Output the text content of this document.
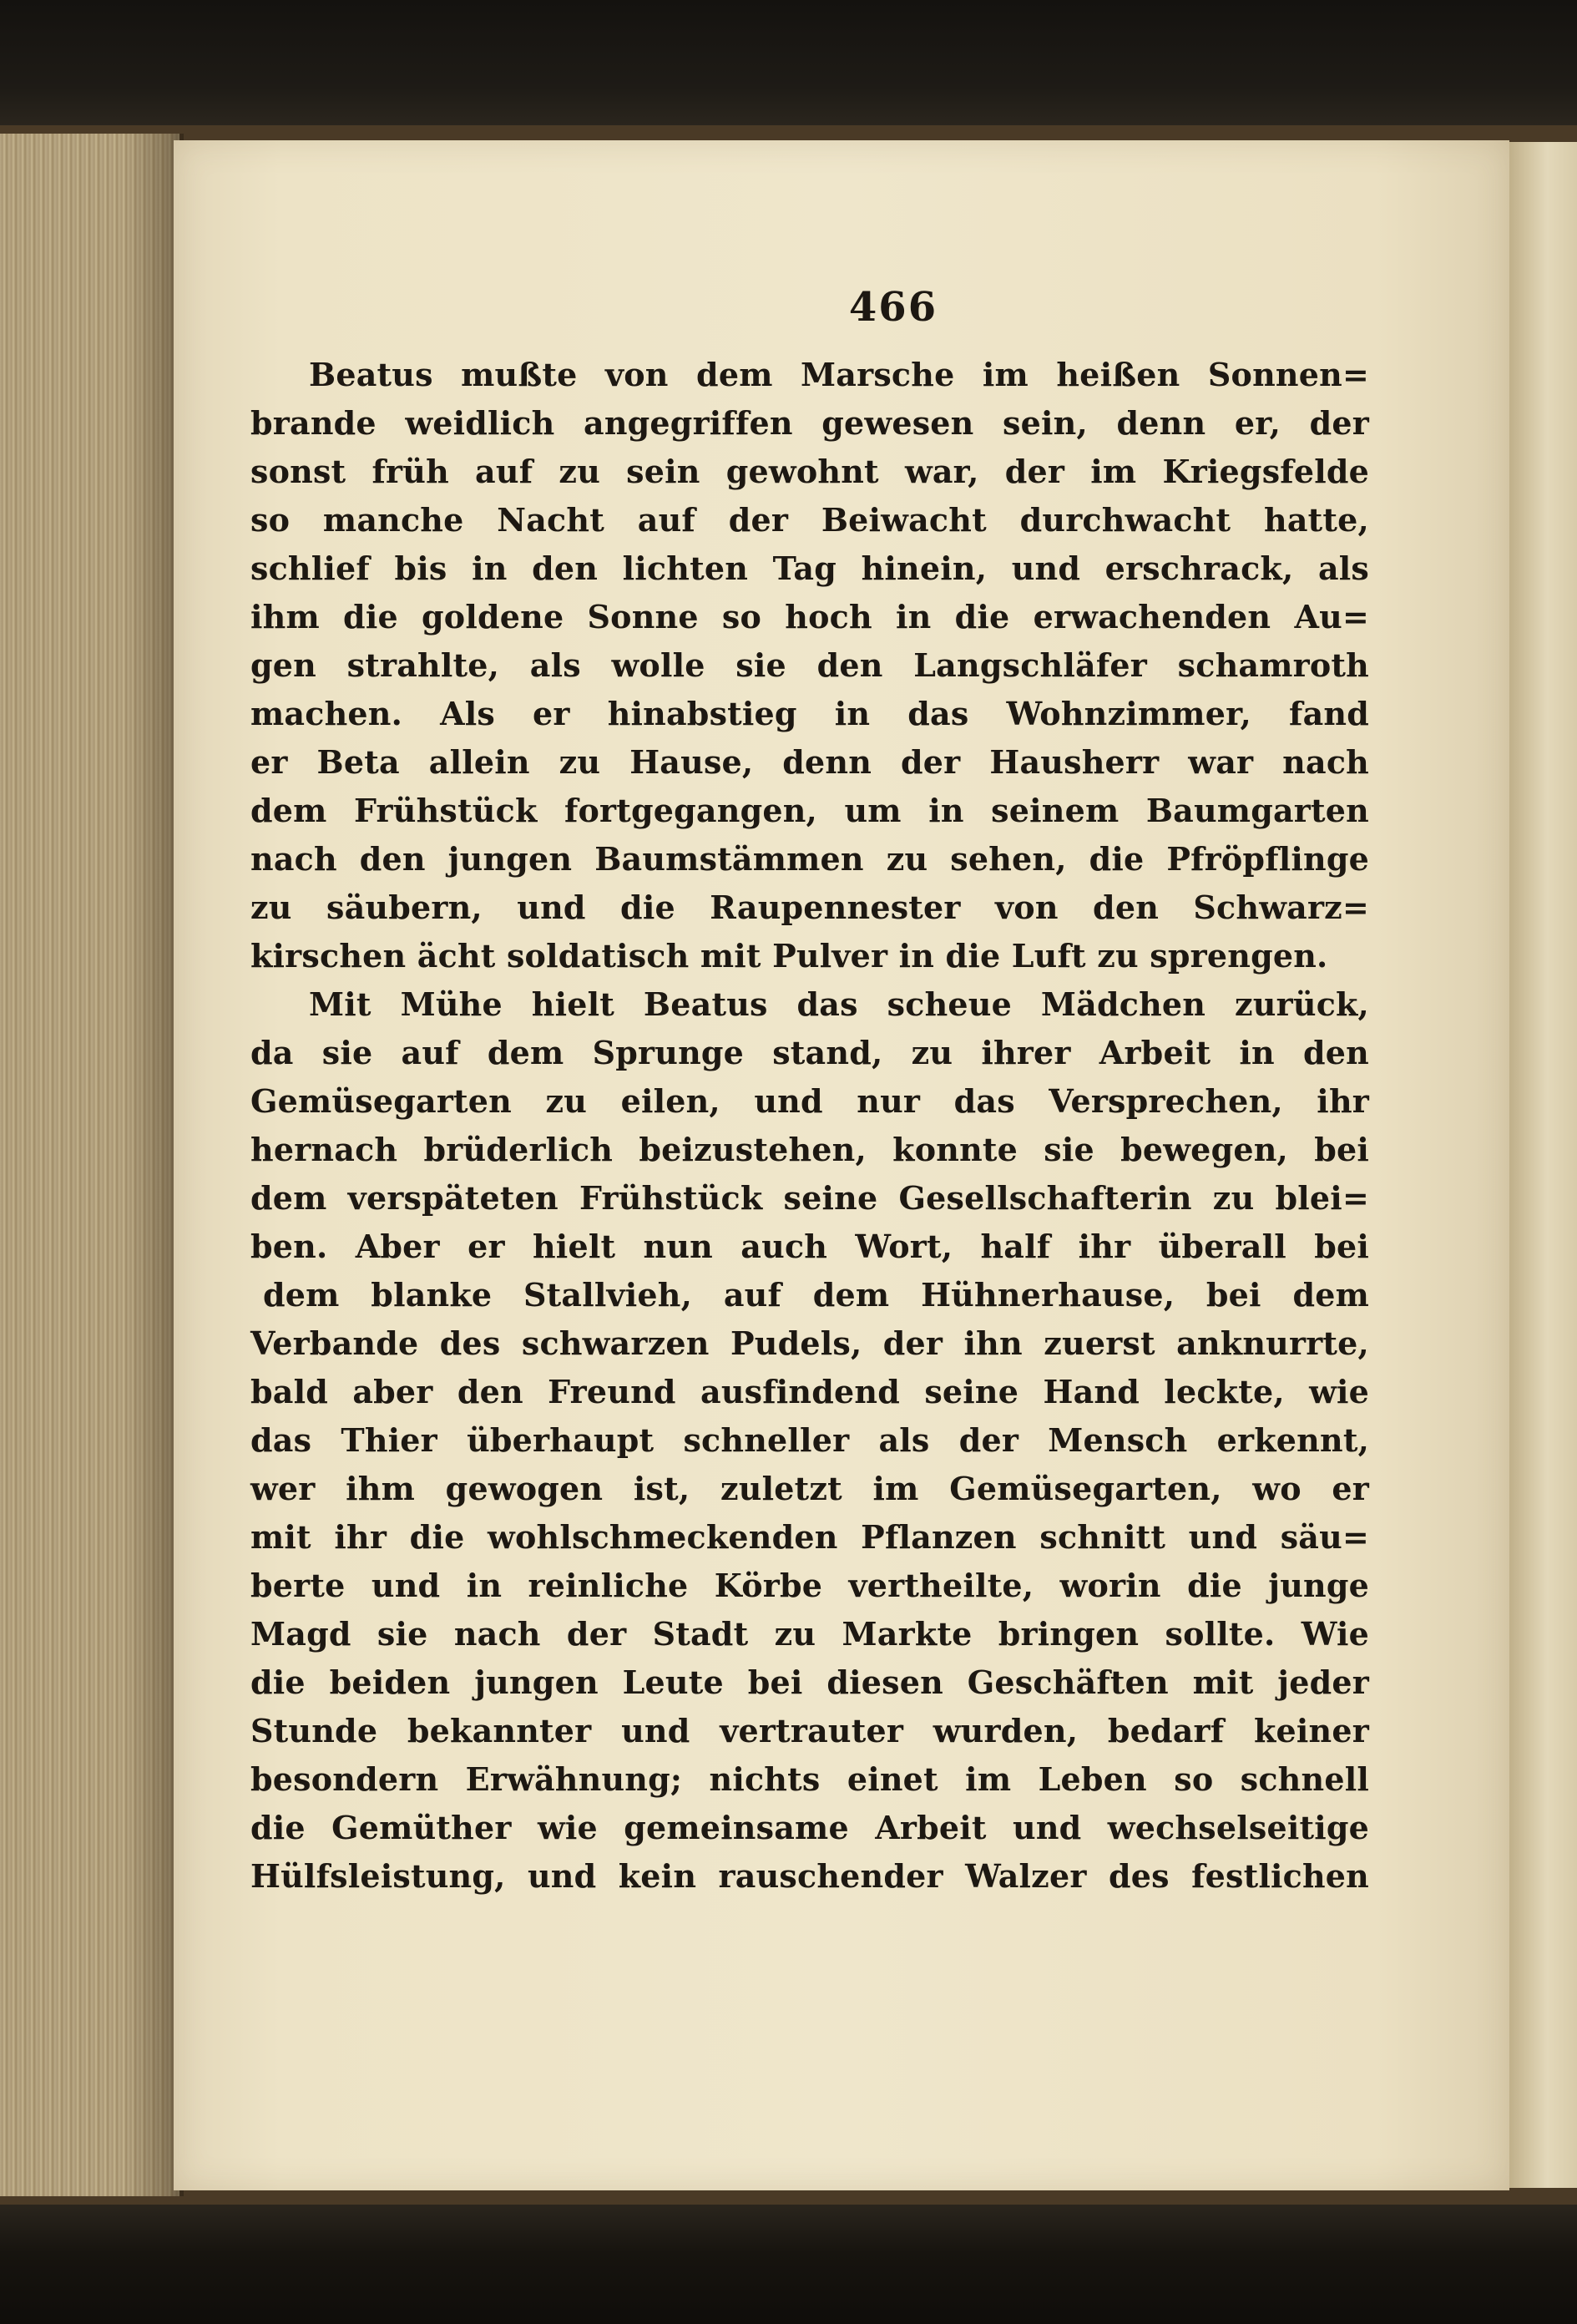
466
Beatus mußte von dem Marsche im heißen Sonnen=
brande weidlich angegriffen gewesen sein, denn er, der
sonst früh auf zu sein gewohnt war, der im Kriegsfelde
so manche Nacht auf der Beiwacht durchwacht hatte,
schlief bis in den lichten Tag hinein, und erschrack, als
ihm die goldene Sonne so hoch in die erwachenden Au=
gen strahlte, als wolle sie den Langschläfer schamroth
machen. Als er hinabstieg in das Wohnzimmer, fand
er Beta allein zu Hause, denn der Hausherr war nach
dem Frühstück fortgegangen, um in seinem Baumgarten
nach den jungen Baumstämmen zu sehen, die Pfröpflinge
zu säubern, und die Raupennester von den Schwarz=
kirschen ächt soldatisch mit Pulver in die Luft zu sprengen.
Mit Mühe hielt Beatus das scheue Mädchen zurück,
da sie auf dem Sprunge stand, zu ihrer Arbeit in den
Gemüsegarten zu eilen, und nur das Versprechen, ihr
hernach brüderlich beizustehen, konnte sie bewegen, bei
dem verspäteten Frühstück seine Gesellschafterin zu blei=
ben. Aber er hielt nun auch Wort, half ihr überall bei
dem blanke Stallvieh, auf dem Hühnerhause, bei dem
Verbande des schwarzen Pudels, der ihn zuerst anknurrte,
bald aber den Freund ausfindend seine Hand leckte, wie
das Thier überhaupt schneller als der Mensch erkennt,
wer ihm gewogen ist, zuletzt im Gemüsegarten, wo er
mit ihr die wohlschmeckenden Pflanzen schnitt und säu=
berte und in reinliche Körbe vertheilte, worin die junge
Magd sie nach der Stadt zu Markte bringen sollte. Wie
die beiden jungen Leute bei diesen Geschäften mit jeder
Stunde bekannter und vertrauter wurden, bedarf keiner
besondern Erwähnung; nichts einet im Leben so schnell
die Gemüther wie gemeinsame Arbeit und wechselseitige
Hülfsleistung, und kein rauschender Walzer des festlichen
